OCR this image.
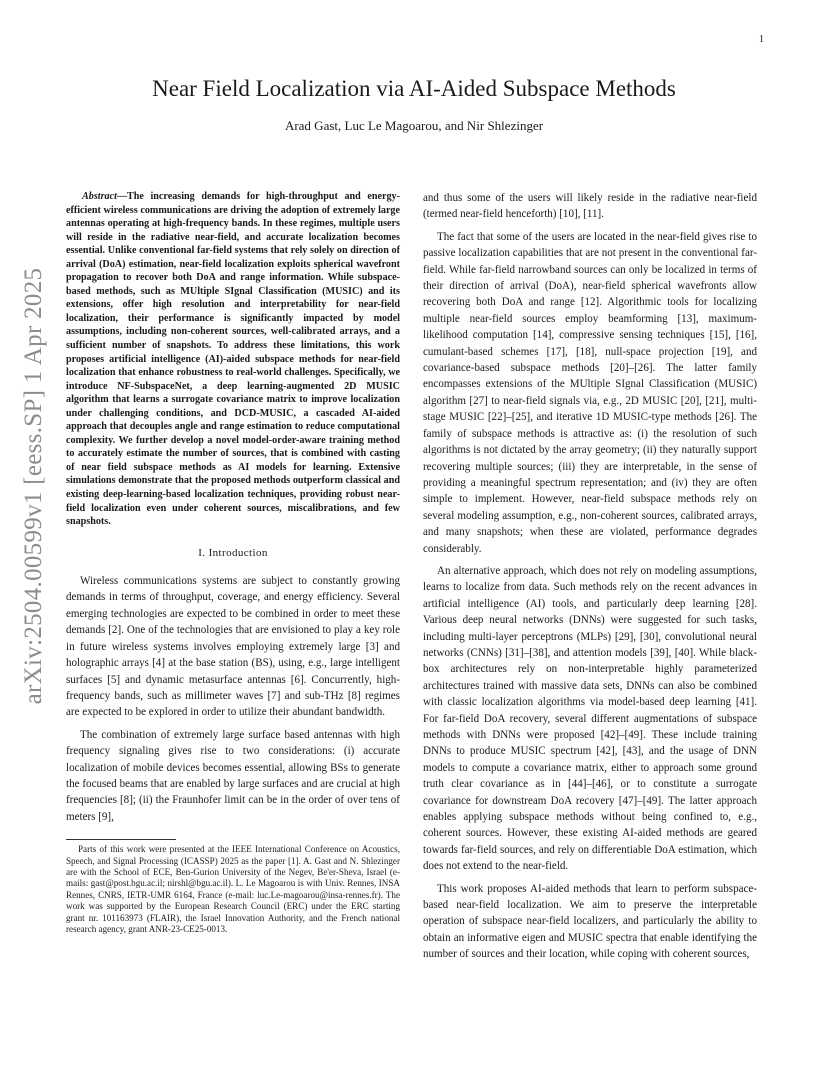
1
arXiv:2504.00599v1 [eess.SP] 1 Apr 2025
Near Field Localization via AI-Aided Subspace Methods
Arad Gast, Luc Le Magoarou, and Nir Shlezinger

Abstract—The increasing demands for high-throughput and energy-efficient wireless communications are driving the adoption of extremely large antennas operating at high-frequency bands. In these regimes, multiple users will reside in the radiative near-field, and accurate localization becomes essential. Unlike conventional far-field systems that rely solely on direction of arrival (DoA) estimation, near-field localization exploits spherical wavefront propagation to recover both DoA and range information. While subspace-based methods, such as MUltiple SIgnal Classification (MUSIC) and its extensions, offer high resolution and interpretability for near-field localization, their performance is significantly impacted by model assumptions, including non-coherent sources, well-calibrated arrays, and a sufficient number of snapshots. To address these limitations, this work proposes artificial intelligence (AI)-aided subspace methods for near-field localization that enhance robustness to real-world challenges. Specifically, we introduce NF-SubspaceNet, a deep learning-augmented 2D MUSIC algorithm that learns a surrogate covariance matrix to improve localization under challenging conditions, and DCD-MUSIC, a cascaded AI-aided approach that decouples angle and range estimation to reduce computational complexity. We further develop a novel model-order-aware training method to accurately estimate the number of sources, that is combined with casting of near field subspace methods as AI models for learning. Extensive simulations demonstrate that the proposed methods outperform classical and existing deep-learning-based localization techniques, providing robust near-field localization even under coherent sources, miscalibrations, and few snapshots.

I. Introduction

Wireless communications systems are subject to constantly growing demands in terms of throughput, coverage, and energy efficiency. Several emerging technologies are expected to be combined in order to meet these demands [2]. One of the technologies that are envisioned to play a key role in future wireless systems involves employing extremely large [3] and holographic arrays [4] at the base station (BS), using, e.g., large intelligent surfaces [5] and dynamic metasurface antennas [6]. Concurrently, high-frequency bands, such as millimeter waves [7] and sub-THz [8] regimes are expected to be explored in order to utilize their abundant bandwidth.

The combination of extremely large surface based antennas with high frequency signaling gives rise to two considerations: (i) accurate localization of mobile devices becomes essential, allowing BSs to generate the focused beams that are enabled by large surfaces and are crucial at high frequencies [8]; (ii) the Fraunhofer limit can be in the order of over tens of meters [9],

Parts of this work were presented at the IEEE International Conference on Acoustics, Speech, and Signal Processing (ICASSP) 2025 as the paper [1]. A. Gast and N. Shlezinger are with the School of ECE, Ben-Gurion University of the Negev, Be'er-Sheva, Israel (e-mails: gast@post.bgu.ac.il; nirshl@bgu.ac.il). L. Le Magoarou is with Univ. Rennes, INSA Rennes, CNRS, IETR-UMR 6164, France (e-mail: luc.Le-magoarou@insa-rennes.fr). The work was supported by the European Research Council (ERC) under the ERC starting grant nr. 101163973 (FLAIR), the Israel Innovation Authority, and the French national research agency, grant ANR-23-CE25-0013.

and thus some of the users will likely reside in the radiative near-field (termed near-field henceforth) [10], [11].

The fact that some of the users are located in the near-field gives rise to passive localization capabilities that are not present in the conventional far-field. While far-field narrowband sources can only be localized in terms of their direction of arrival (DoA), near-field spherical wavefronts allow recovering both DoA and range [12]. Algorithmic tools for localizing multiple near-field sources employ beamforming [13], maximum-likelihood computation [14], compressive sensing techniques [15], [16], cumulant-based schemes [17], [18], null-space projection [19], and covariance-based subspace methods [20]–[26]. The latter family encompasses extensions of the MUltiple SIgnal Classification (MUSIC) algorithm [27] to near-field signals via, e.g., 2D MUSIC [20], [21], multi-stage MUSIC [22]–[25], and iterative 1D MUSIC-type methods [26]. The family of subspace methods is attractive as: (i) the resolution of such algorithms is not dictated by the array geometry; (ii) they naturally support recovering multiple sources; (iii) they are interpretable, in the sense of providing a meaningful spectrum representation; and (iv) they are often simple to implement. However, near-field subspace methods rely on several modeling assumption, e.g., non-coherent sources, calibrated arrays, and many snapshots; when these are violated, performance degrades considerably.

An alternative approach, which does not rely on modeling assumptions, learns to localize from data. Such methods rely on the recent advances in artificial intelligence (AI) tools, and particularly deep learning [28]. Various deep neural networks (DNNs) were suggested for such tasks, including multi-layer perceptrons (MLPs) [29], [30], convolutional neural networks (CNNs) [31]–[38], and attention models [39], [40]. While black-box architectures rely on non-interpretable highly parameterized architectures trained with massive data sets, DNNs can also be combined with classic localization algorithms via model-based deep learning [41]. For far-field DoA recovery, several different augmentations of subspace methods with DNNs were proposed [42]–[49]. These include training DNNs to produce MUSIC spectrum [42], [43], and the usage of DNN models to compute a covariance matrix, either to approach some ground truth clear covariance as in [44]–[46], or to constitute a surrogate covariance for downstream DoA recovery [47]–[49]. The latter approach enables applying subspace methods without being confined to, e.g., coherent sources. However, these existing AI-aided methods are geared towards far-field sources, and rely on differentiable DoA estimation, which does not extend to the near-field.

This work proposes AI-aided methods that learn to perform subspace-based near-field localization. We aim to preserve the interpretable operation of subspace near-field localizers, and particularly the ability to obtain an informative eigen and MUSIC spectra that enable identifying the number of sources and their location, while coping with coherent sources,
